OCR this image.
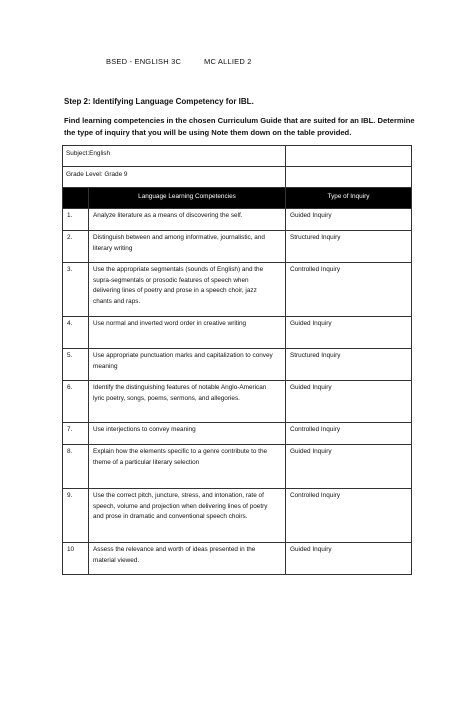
BSED - ENGLISH 3C	MC ALLIED 2
Step 2: Identifying Language Competency for IBL.
Find learning competencies in the chosen Curriculum Guide that are suited for an IBL. Determine the type of inquiry that you will be using Note them down on the table provided.
Subject:English		
Grade Level: Grade 9		
	Language Learning Competencies	Type of Inquiry
1.	Analyze literature as a means of discovering the self.	Guided Inquiry
2.	Distinguish between and among informative, journalistic, and literary writing	Structured Inquiry
3.	Use the appropriate segmentals (sounds of English) and the supra-segmentals or prosodic features of speech when delivering lines of poetry and prose in a speech choir, jazz chants and raps.	Controlled Inquiry
4.	Use normal and inverted word order in creative writing	Guided Inquiry
5.	Use appropriate punctuation marks and capitalization to convey meaning	Structured Inquiry
6.	Identify the distinguishing features of notable Anglo-American lyric poetry, songs, poems, sermons, and allegories.	Guided Inquiry
7.	Use interjections to convey meaning	Controlled Inquiry
8.	Explain how the elements specific to a genre contribute to the theme of a particular literary selection	Guided Inquiry
9.	Use the correct pitch, juncture, stress, and intonation, rate of speech, volume and projection when delivering lines of poetry and prose in dramatic and conventional speech choirs.	Controlled Inquiry
10	Assess the relevance and worth of ideas presented in the material viewed.	Guided Inquiry
